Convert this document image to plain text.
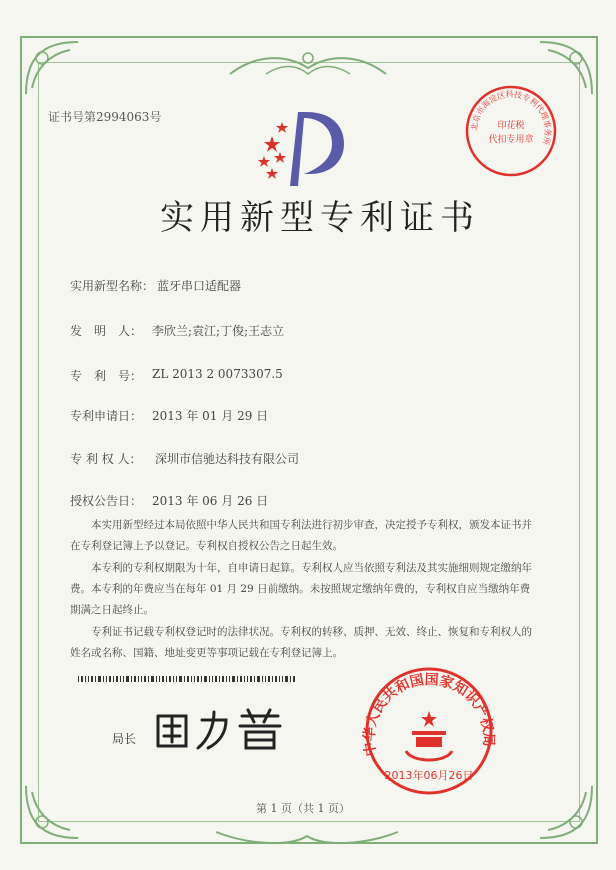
证书号第2994063号
北京市海淀区科技专利代理事务所
印花税
代扣专用章
实用新型专利证书
实用新型名称： 蓝牙串口适配器
发　明　人： 李欣兰;袁江;丁俊;王志立
专　利　号： ZL 2013 2 0073307.5
专利申请日： 2013 年 01 月 29 日
专 利 权 人： 深圳市信驰达科技有限公司
授权公告日： 2013 年 06 月 26 日
本实用新型经过本局依照中华人民共和国专利法进行初步审查，决定授予专利权，颁发本证书并在专利登记簿上予以登记。专利权自授权公告之日起生效。
本专利的专利权期限为十年，自申请日起算。专利权人应当依照专利法及其实施细则规定缴纳年费。本专利的年费应当在每年 01 月 29 日前缴纳。未按照规定缴纳年费的，专利权自应当缴纳年费期满之日起终止。
专利证书记载专利权登记时的法律状况。专利权的转移、质押、无效、终止、恢复和专利权人的姓名或名称、国籍、地址变更等事项记载在专利登记簿上。
局长
中华人民共和国国家知识产权局
2013年06月26日
第 1 页（共 1 页）
